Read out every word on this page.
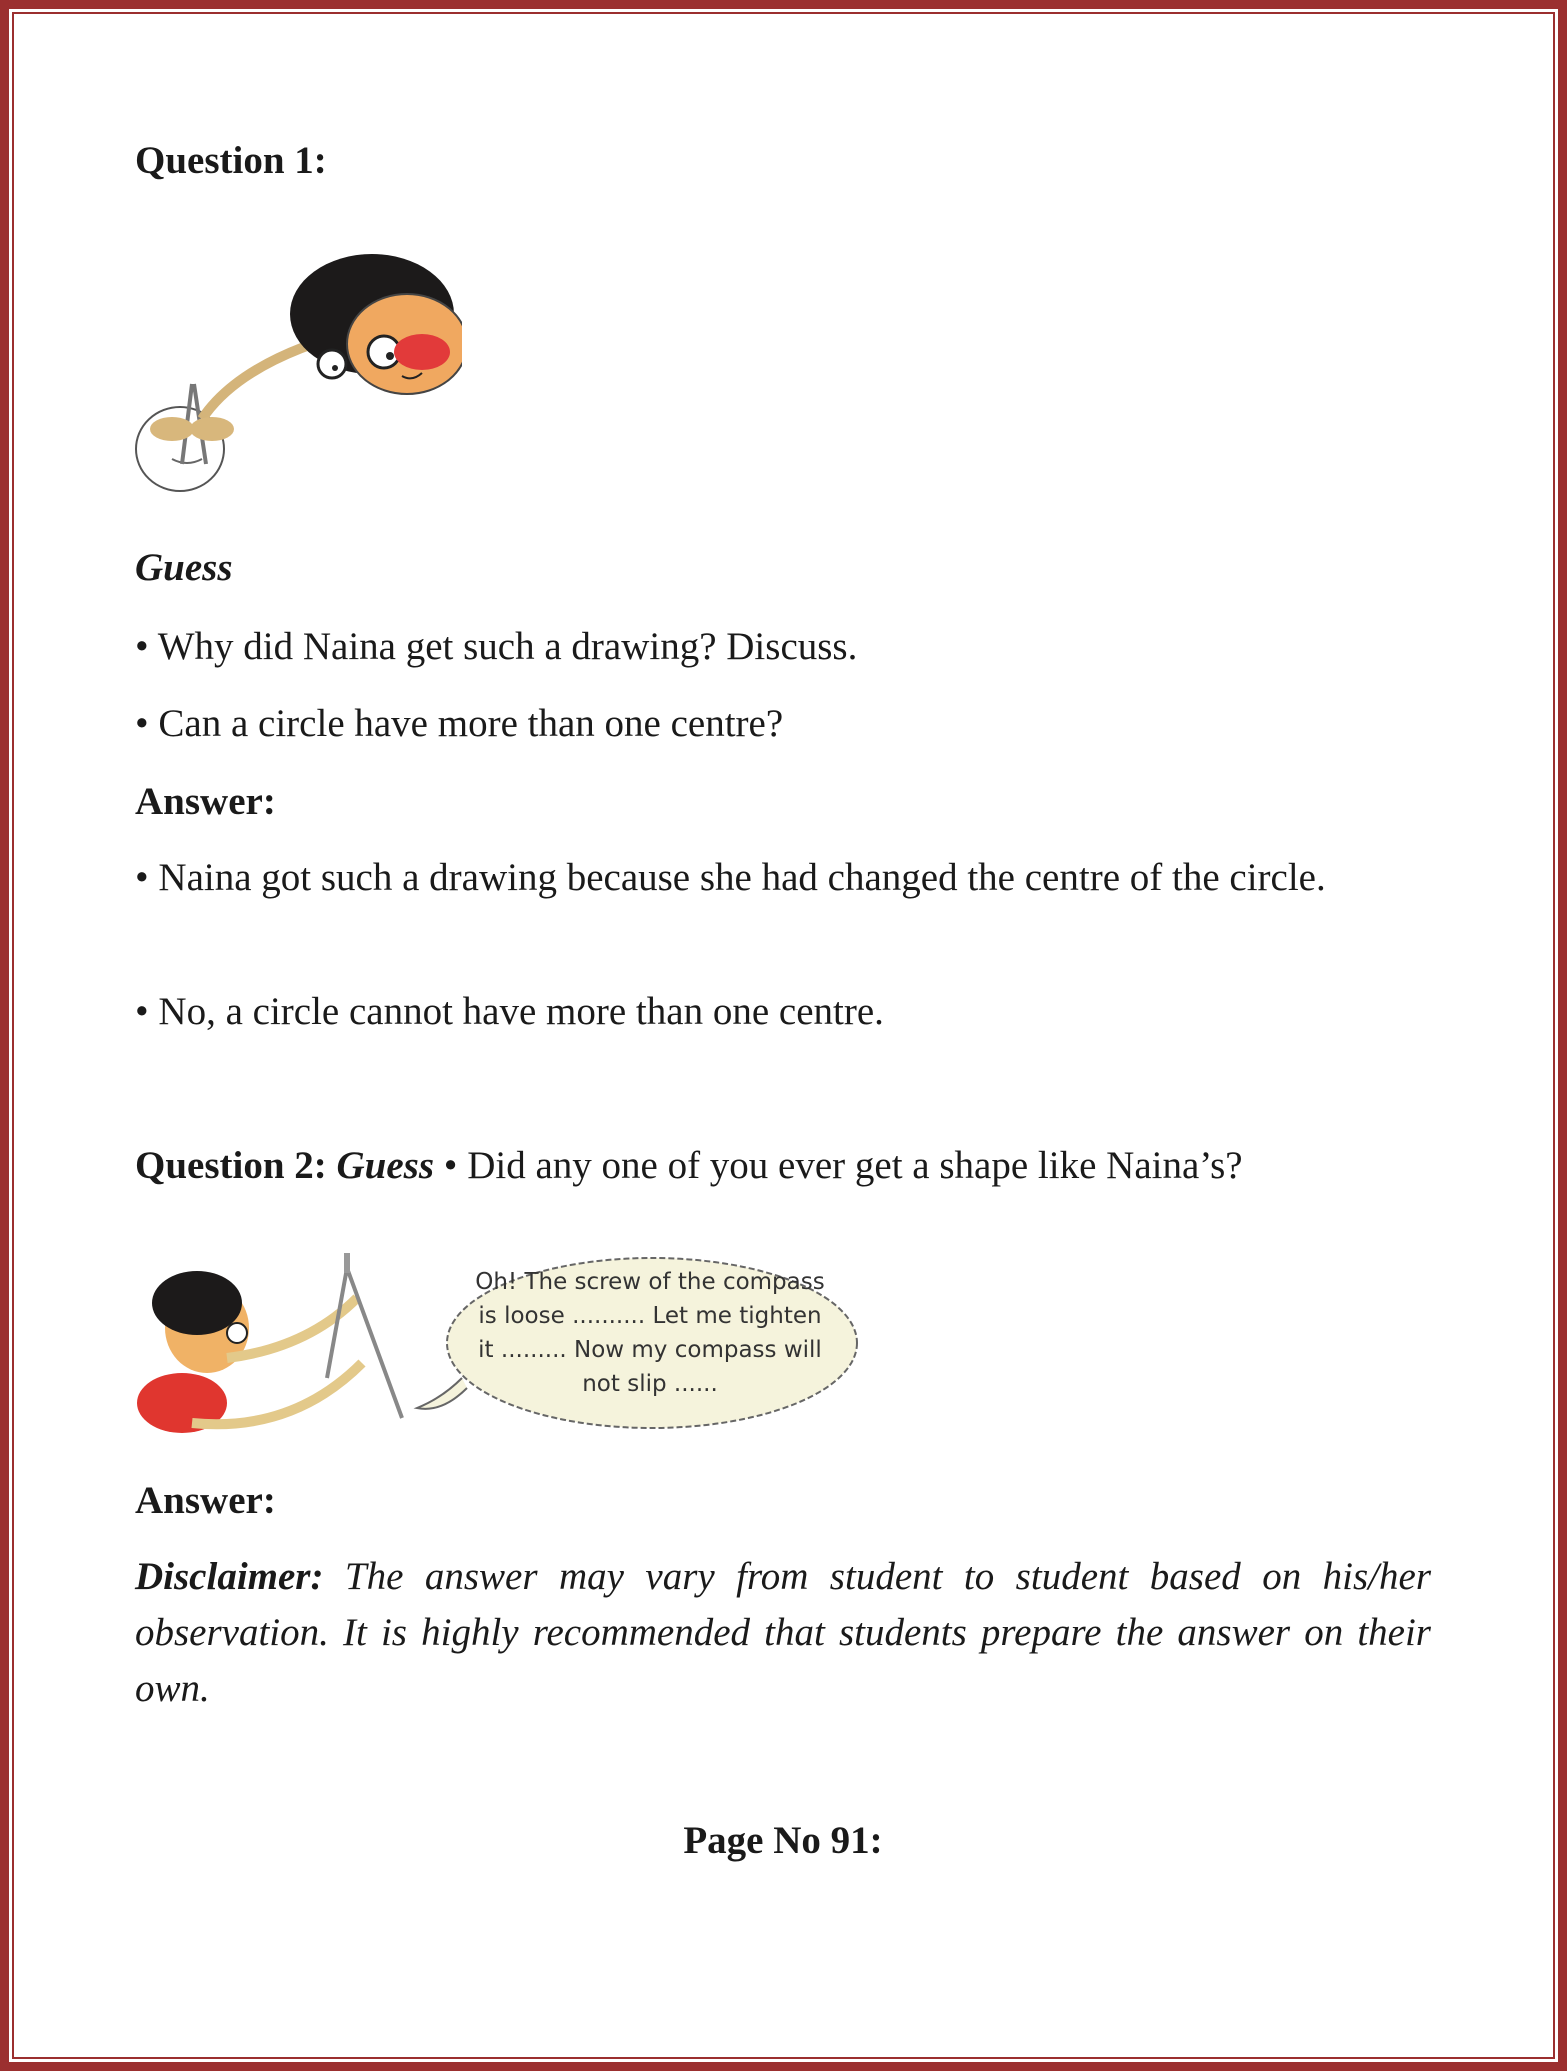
Question 1:
Guess
• Why did Naina get such a drawing? Discuss.
• Can a circle have more than one centre?
Answer:
• Naina got such a drawing because she had changed the centre of the circle.
• No, a circle cannot have more than one centre.
Question 2: Guess • Did any one of you ever get a shape like Naina’s?
Oh! The screw of the compass is loose .......... Let me tighten it ......... Now my compass will not slip ......
Answer:
Disclaimer: The answer may vary from student to student based on his/her observation. It is highly recommended that students prepare the answer on their own.
Page No 91:
